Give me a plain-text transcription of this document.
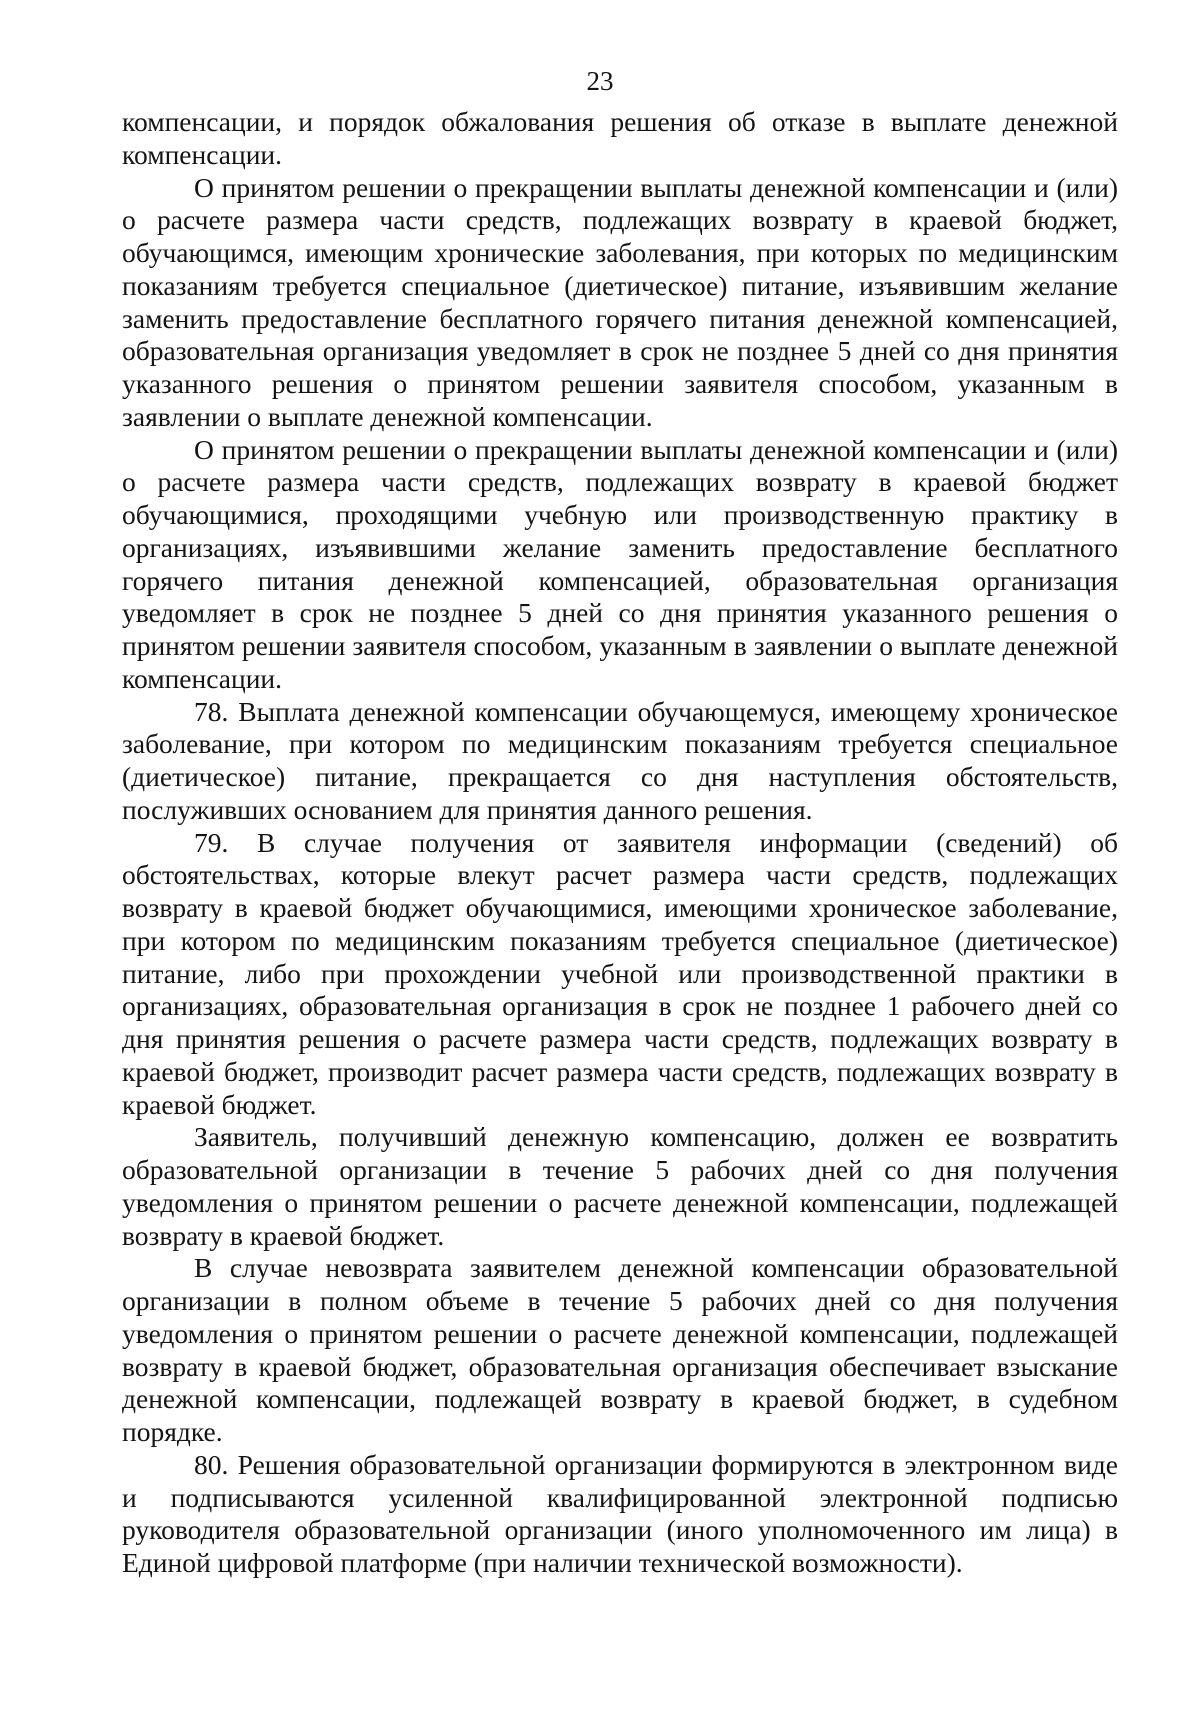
23

компенсации, и порядок обжалования решения об отказе в выплате денежной компенсации.

О принятом решении о прекращении выплаты денежной компенсации и (или) о расчете размера части средств, подлежащих возврату в краевой бюджет, обучающимся, имеющим хронические заболевания, при которых по медицинским показаниям требуется специальное (диетическое) питание, изъявившим желание заменить предоставление бесплатного горячего питания денежной компенсацией, образовательная организация уведомляет в срок не позднее 5 дней со дня принятия указанного решения о принятом решении заявителя способом, указанным в заявлении о выплате денежной компенсации.

О принятом решении о прекращении выплаты денежной компенсации и (или) о расчете размера части средств, подлежащих возврату в краевой бюджет обучающимися, проходящими учебную или производственную практику в организациях, изъявившими желание заменить предоставление бесплатного горячего питания денежной компенсацией, образовательная организация уведомляет в срок не позднее 5 дней со дня принятия указанного решения о принятом решении заявителя способом, указанным в заявлении о выплате денежной компенсации.

78. Выплата денежной компенсации обучающемуся, имеющему хроническое заболевание, при котором по медицинским показаниям требуется специальное (диетическое) питание, прекращается со дня наступления обстоятельств, послуживших основанием для принятия данного решения.

79. В случае получения от заявителя информации (сведений) об обстоятельствах, которые влекут расчет размера части средств, подлежащих возврату в краевой бюджет обучающимися, имеющими хроническое заболевание, при котором по медицинским показаниям требуется специальное (диетическое) питание, либо при прохождении учебной или производственной практики в организациях, образовательная организация в срок не позднее 1 рабочего дней со дня принятия решения о расчете размера части средств, подлежащих возврату в краевой бюджет, производит расчет размера части средств, подлежащих возврату в краевой бюджет.

Заявитель, получивший денежную компенсацию, должен ее возвратить образовательной организации в течение 5 рабочих дней со дня получения уведомления о принятом решении о расчете денежной компенсации, подлежащей возврату в краевой бюджет.

В случае невозврата заявителем денежной компенсации образовательной организации в полном объеме в течение 5 рабочих дней со дня получения уведомления о принятом решении о расчете денежной компенсации, подлежащей возврату в краевой бюджет, образовательная организация обеспечивает взыскание денежной компенсации, подлежащей возврату в краевой бюджет, в судебном порядке.

80. Решения образовательной организации формируются в электронном виде и подписываются усиленной квалифицированной электронной подписью руководителя образовательной организации (иного уполномоченного им лица) в Единой цифровой платформе (при наличии технической возможности).
